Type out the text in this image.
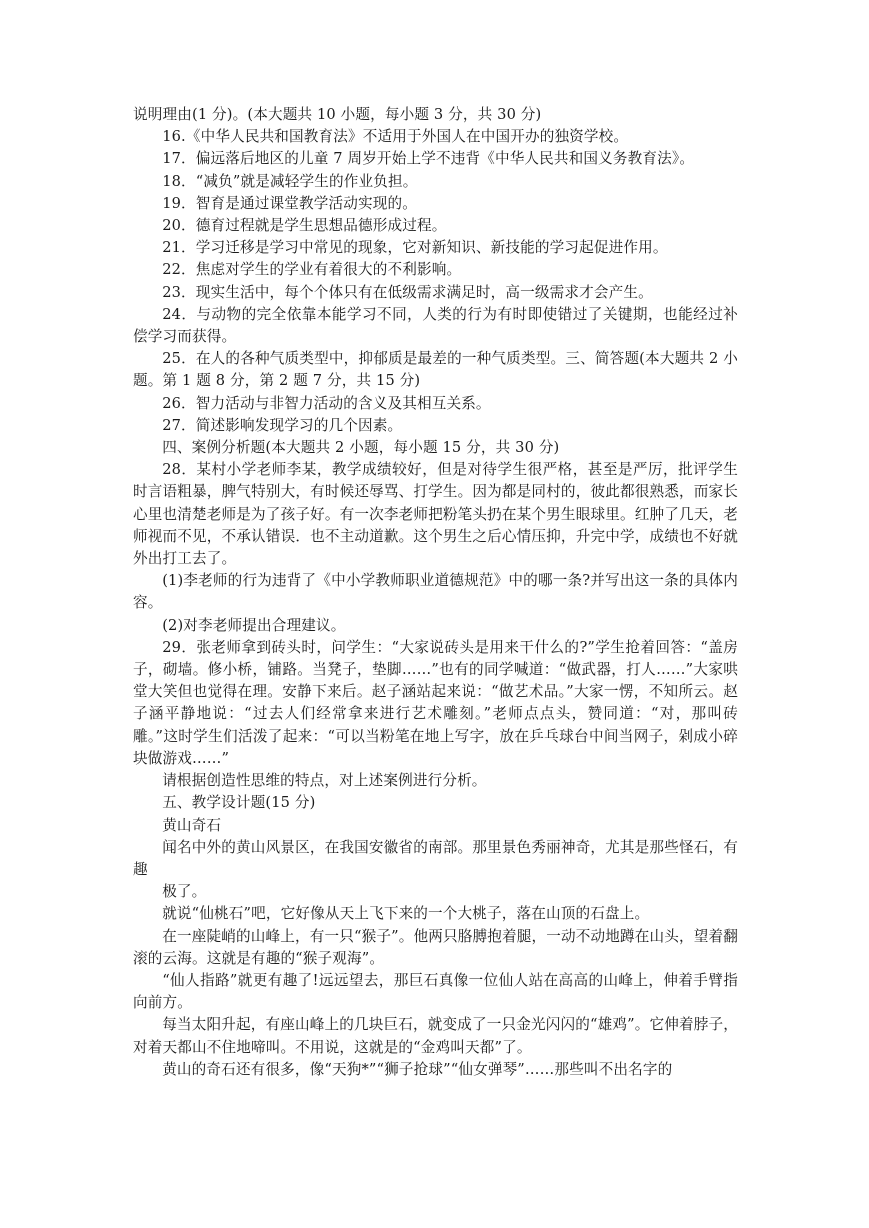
说明理由(1 分)。(本大题共 10 小题，每小题 3 分，共 30 分)

16.《中华人民共和国教育法》不适用于外国人在中国开办的独资学校。

17．偏远落后地区的儿童 7 周岁开始上学不违背《中华人民共和国义务教育法》。

18．“减负”就是减轻学生的作业负担。

19．智育是通过课堂教学活动实现的。

20．德育过程就是学生思想品德形成过程。

21．学习迁移是学习中常见的现象，它对新知识、新技能的学习起促进作用。

22．焦虑对学生的学业有着很大的不利影响。

23．现实生活中，每个个体只有在低级需求满足时，高一级需求才会产生。

24．与动物的完全依靠本能学习不同，人类的行为有时即使错过了关键期，也能经过补偿学习而获得。

25．在人的各种气质类型中，抑郁质是最差的一种气质类型。三、简答题(本大题共 2 小题。第 1 题 8 分，第 2 题 7 分，共 15 分)

26．智力活动与非智力活动的含义及其相互关系。

27．简述影响发现学习的几个因素。

四、案例分析题(本大题共 2 小题，每小题 15 分，共 30 分)

28．某村小学老师李某，教学成绩较好，但是对待学生很严格，甚至是严厉，批评学生时言语粗暴，脾气特别大，有时候还辱骂、打学生。因为都是同村的，彼此都很熟悉，而家长心里也清楚老师是为了孩子好。有一次李老师把粉笔头扔在某个男生眼球里。红肿了几天，老师视而不见，不承认错误．也不主动道歉。这个男生之后心情压抑，升完中学，成绩也不好就外出打工去了。

(1)李老师的行为违背了《中小学教师职业道德规范》中的哪一条?并写出这一条的具体内容。

(2)对李老师提出合理建议。

29．张老师拿到砖头时，问学生：“大家说砖头是用来干什么的?”学生抢着回答：“盖房子，砌墙。修小桥，铺路。当凳子，垫脚……”也有的同学喊道：“做武器，打人……”大家哄堂大笑但也觉得在理。安静下来后。赵子涵站起来说：“做艺术品。”大家一愣，不知所云。赵子涵平静地说：“过去人们经常拿来进行艺术雕刻。”老师点点头，赞同道：“对，那叫砖雕。”这时学生们活泼了起来：“可以当粉笔在地上写字，放在乒乓球台中间当网子，剁成小碎块做游戏……”

请根据创造性思维的特点，对上述案例进行分析。

五、教学设计题(15 分)

黄山奇石

闻名中外的黄山风景区，在我国安徽省的南部。那里景色秀丽神奇，尤其是那些怪石，有趣

极了。

就说“仙桃石”吧，它好像从天上飞下来的一个大桃子，落在山顶的石盘上。

在一座陡峭的山峰上，有一只“猴子”。他两只胳膊抱着腿，一动不动地蹲在山头，望着翻滚的云海。这就是有趣的“猴子观海”。

“仙人指路”就更有趣了!远远望去，那巨石真像一位仙人站在高高的山峰上，伸着手臂指向前方。

每当太阳升起，有座山峰上的几块巨石，就变成了一只金光闪闪的“雄鸡”。它伸着脖子，对着天都山不住地啼叫。不用说，这就是的“金鸡叫天都”了。

黄山的奇石还有很多，像“天狗*”“狮子抢球”“仙女弹琴”……那些叫不出名字的
